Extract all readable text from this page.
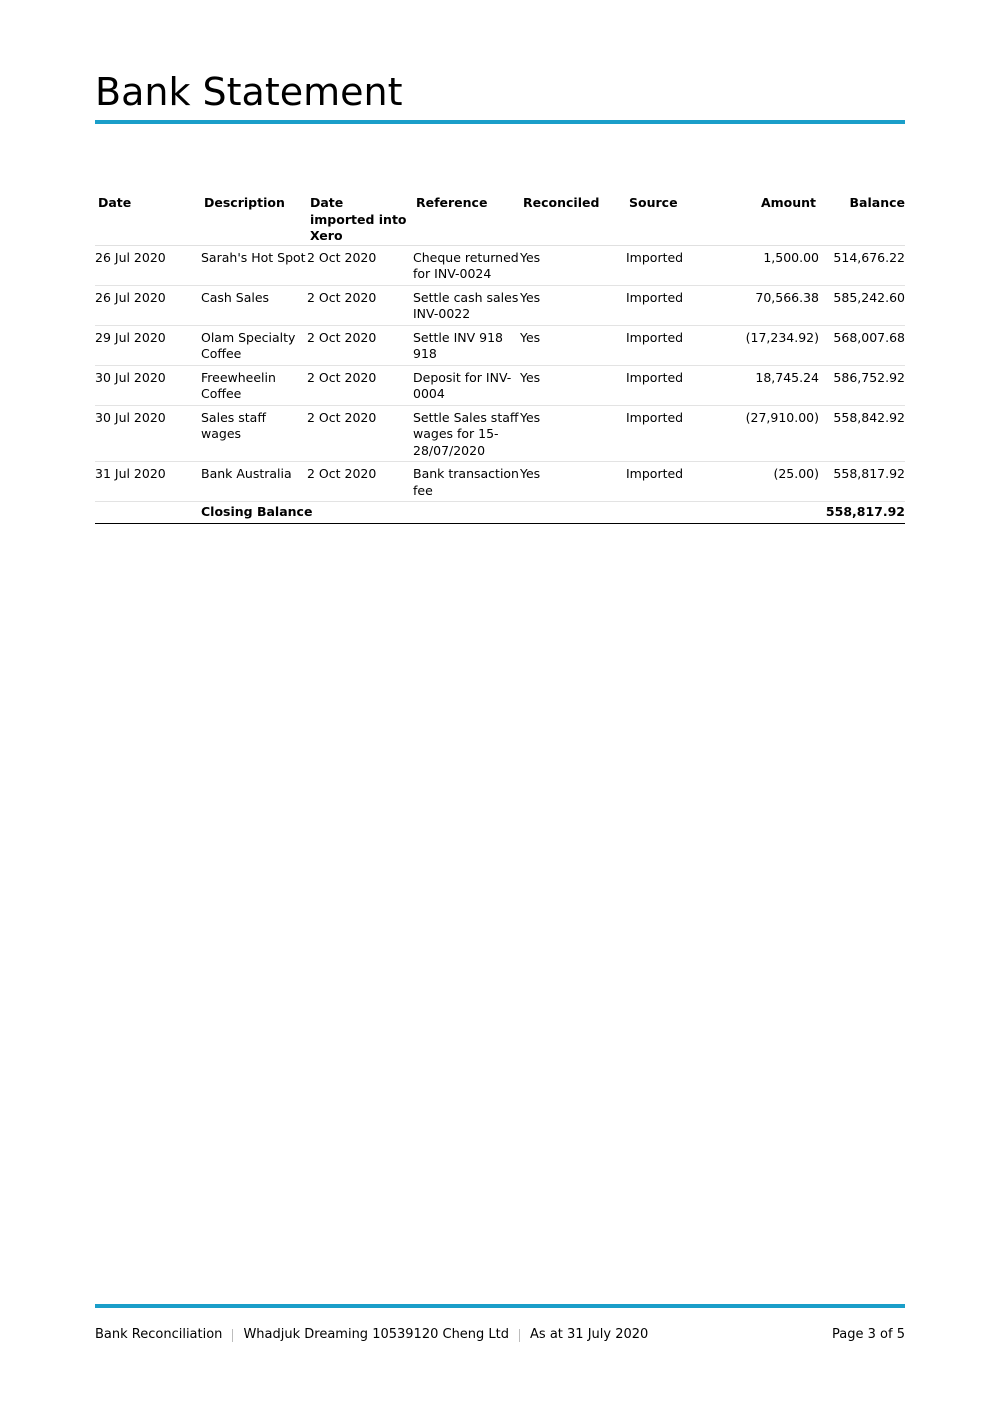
Bank Statement
Date	Description	Date imported into Xero	Reference	Reconciled	Source	Amount	Balance
26 Jul 2020	Sarah's Hot Spot	2 Oct 2020	Cheque returned for INV-0024	Yes	Imported	1,500.00	514,676.22
26 Jul 2020	Cash Sales	2 Oct 2020	Settle cash sales INV-0022	Yes	Imported	70,566.38	585,242.60
29 Jul 2020	Olam Specialty Coffee	2 Oct 2020	Settle INV 918 918	Yes	Imported	(17,234.92)	568,007.68
30 Jul 2020	Freewheelin Coffee	2 Oct 2020	Deposit for INV-0004	Yes	Imported	18,745.24	586,752.92
30 Jul 2020	Sales staff wages	2 Oct 2020	Settle Sales staff wages for 15-28/07/2020	Yes	Imported	(27,910.00)	558,842.92
31 Jul 2020	Bank Australia	2 Oct 2020	Bank transaction fee	Yes	Imported	(25.00)	558,817.92
	Closing Balance						558,817.92
Bank Reconciliation Whadjuk Dreaming 10539120 Cheng Ltd As at 31 July 2020	Page 3 of 5
